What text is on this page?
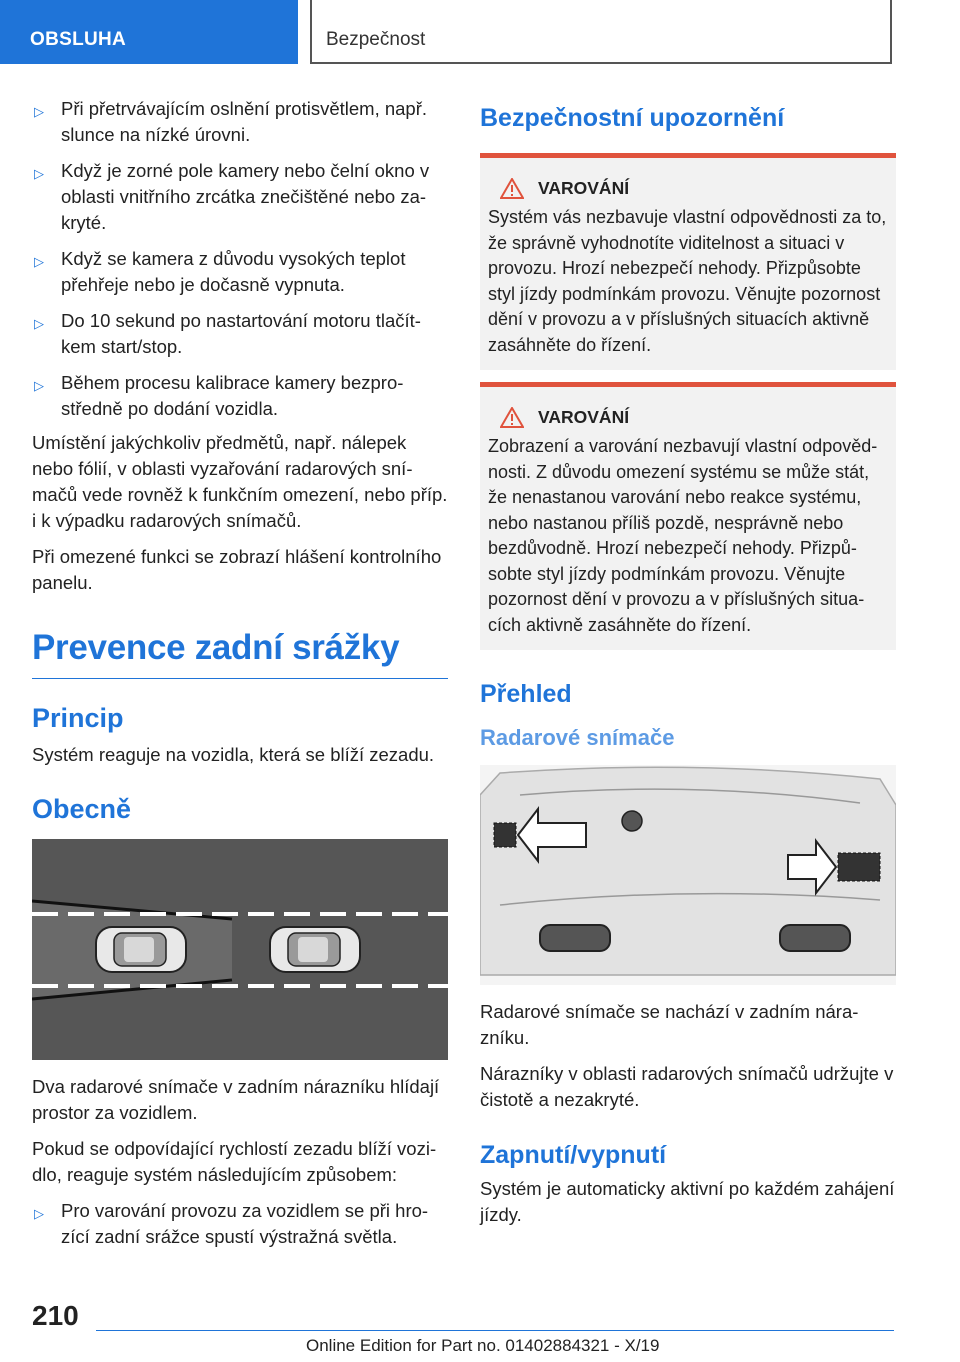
OBSLUHA	Bezpečnost
▷ Při přetrvávajícím oslnění protisvětlem, např. slunce na nízké úrovni.
▷ Když je zorné pole kamery nebo čelní okno v oblasti vnitřního zrcátka znečištěné nebo zakryté.
▷ Když se kamera z důvodu vysokých teplot přehřeje nebo je dočasně vypnuta.
▷ Do 10 sekund po nastartování motoru tlačítkem start/stop.
▷ Během procesu kalibrace kamery bezprostředně po dodání vozidla.

Umístění jakýchkoliv předmětů, např. nálepek nebo fólií, v oblasti vyzařování radarových snímačů vede rovněž k funkčním omezení, nebo příp. i k výpadku radarových snímačů.

Při omezené funkci se zobrazí hlášení kontrolního panelu.

Prevence zadní srážky
Princip

Systém reaguje na vozidla, která se blíží zezadu.

Obecně

Dva radarové snímače v zadním nárazníku hlídají prostor za vozidlem.

Pokud se odpovídající rychlostí zezadu blíží vozidlo, reaguje systém následujícím způsobem:

▷ Pro varování provozu za vozidlem se při hrozící zadní srážce spustí výstražná světla.
Bezpečnostní upozornění
VAROVÁNÍ

Systém vás nezbavuje vlastní odpovědnosti za to, že správně vyhodnotíte viditelnost a situaci v provozu. Hrozí nebezpečí nehody. Přizpůsobte styl jízdy podmínkám provozu. Věnujte pozornost dění v provozu a v příslušných situacích aktivně zasáhněte do řízení.

VAROVÁNÍ

Zobrazení a varování nezbavují vlastní odpovědnosti. Z důvodu omezení systému se může stát, že nenastanou varování nebo reakce systému, nebo nastanou příliš pozdě, nesprávně nebo bezdůvodně. Hrozí nebezpečí nehody. Přizpůsobte styl jízdy podmínkám provozu. Věnujte pozornost dění v provozu a v příslušných situacích aktivně zasáhněte do řízení.

Přehled
Radarové snímače

Radarové snímače se nachází v zadním nárazníku.

Nárazníky v oblasti radarových snímačů udržujte v čistotě a nezakryté.

Zapnutí/vypnutí

Systém je automaticky aktivní po každém zahájení jízdy.

210
Online Edition for Part no. 01402884321 - X/19
